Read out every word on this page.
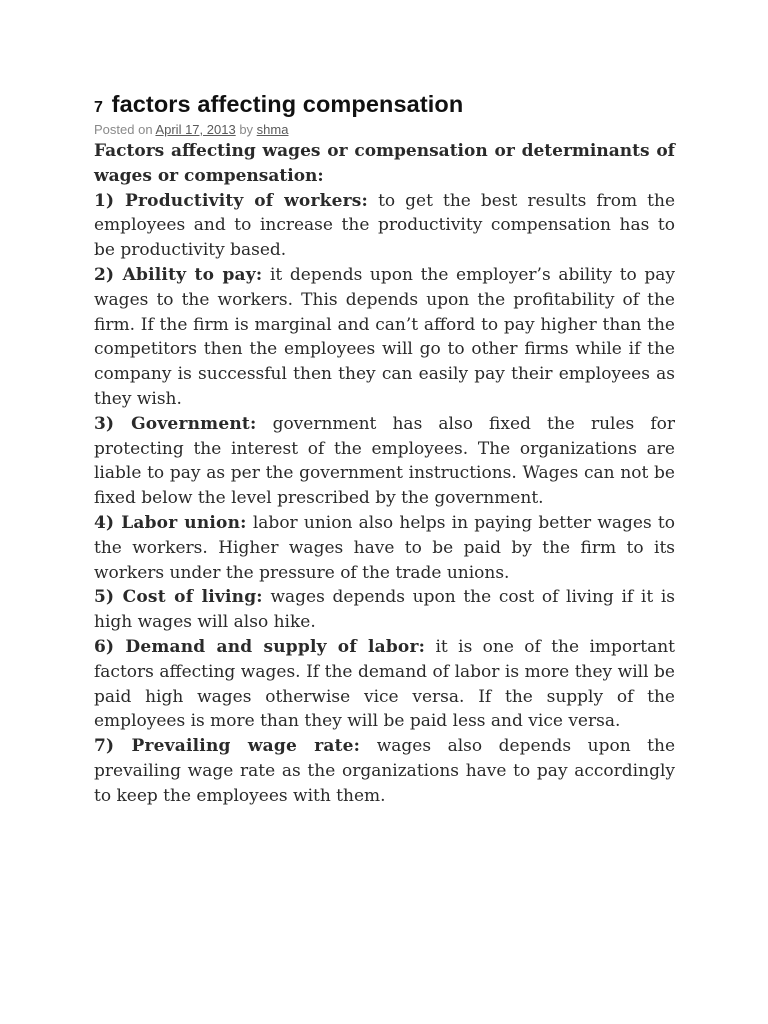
7 factors affecting compensation
Posted on April 17, 2013 by shma

Factors affecting wages or compensation or determinants of wages or compensation:

1) Productivity of workers: to get the best results from the employees and to increase the productivity compensation has to be productivity based.

2) Ability to pay: it depends upon the employer’s ability to pay wages to the workers. This depends upon the profitability of the firm. If the firm is marginal and can’t afford to pay higher than the competitors then the employees will go to other firms while if the company is successful then they can easily pay their employees as they wish.

3) Government: government has also fixed the rules for protecting the interest of the employees. The organizations are liable to pay as per the government instructions. Wages can not be fixed below the level prescribed by the government.

4) Labor union: labor union also helps in paying better wages to the workers. Higher wages have to be paid by the firm to its workers under the pressure of the trade unions.

5) Cost of living: wages depends upon the cost of living if it is high wages will also hike.

6) Demand and supply of labor: it is one of the important factors affecting wages. If the demand of labor is more they will be paid high wages otherwise vice versa. If the supply of the employees is more than they will be paid less and vice versa.

7) Prevailing wage rate: wages also depends upon the prevailing wage rate as the organizations have to pay accordingly to keep the employees with them.
